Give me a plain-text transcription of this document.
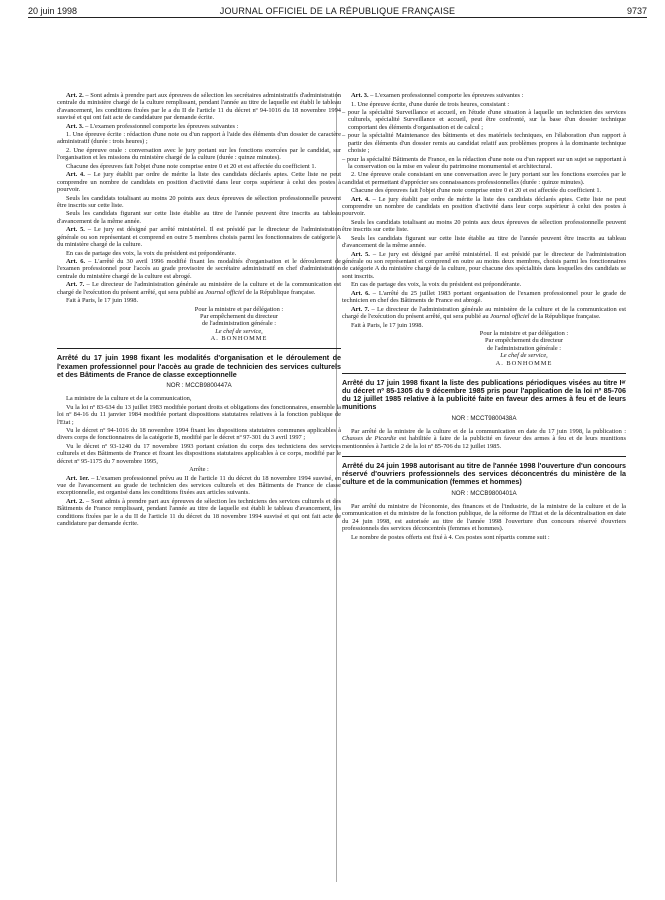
20 juin 1998	JOURNAL OFFICIEL DE LA RÉPUBLIQUE FRANÇAISE	9737

Art. 2. – Sont admis à prendre part aux épreuves de sélection les secrétaires administratifs d'administration centrale du ministère chargé de la culture remplissant, pendant l'année au titre de laquelle est établi le tableau d'avancement, les conditions fixées par le a du II de l'article 11 du décret nº 94-1016 du 18 novembre 1994 susvisé et qui ont fait acte de candidature par demande écrite.

Art. 3. – L'examen professionnel comporte les épreuves suivantes :

1. Une épreuve écrite : rédaction d'une note ou d'un rapport à l'aide des éléments d'un dossier de caractère administratif (durée : trois heures) ;

2. Une épreuve orale : conversation avec le jury portant sur les fonctions exercées par le candidat, sur l'organisation et les missions du ministère chargé de la culture (durée : quinze minutes).

Chacune des épreuves fait l'objet d'une note comprise entre 0 et 20 et est affectée du coefficient 1.

Art. 4. – Le jury établit par ordre de mérite la liste des candidats déclarés aptes. Cette liste ne peut comprendre un nombre de candidats en position d'activité dans leur corps supérieur à celui des postes à pourvoir.

Seuls les candidats totalisant au moins 20 points aux deux épreuves de sélection professionnelle peuvent être inscrits sur cette liste.

Seuls les candidats figurant sur cette liste établie au titre de l'année peuvent être inscrits au tableau d'avancement de la même année.

Art. 5. – Le jury est désigné par arrêté ministériel. Il est présidé par le directeur de l'administration générale ou son représentant et comprend en outre 5 membres choisis parmi les fonctionnaires de catégorie A du ministère chargé de la culture.

En cas de partage des voix, la voix du président est prépondérante.

Art. 6. – L'arrêté du 30 avril 1996 modifié fixant les modalités d'organisation et le déroulement de l'examen professionnel pour l'accès au grade provisoire de secrétaire administratif en chef d'administration centrale du ministère chargé de la culture est abrogé.

Art. 7. – Le directeur de l'administration générale au ministère de la culture et de la communication est chargé de l'exécution du présent arrêté, qui sera publié au Journal officiel de la République française.

Fait à Paris, le 17 juin 1998.

Pour la ministre et par délégation :

Par empêchement du directeur

de l'administration générale :

Le chef de service,

A. BONHOMME

Arrêté du 17 juin 1998 fixant les modalités d'organisation et le déroulement de l'examen professionnel pour l'accès au grade de technicien des services culturels et des Bâtiments de France de classe exceptionnelle
NOR : MCCB9800447A

La ministre de la culture et de la communication,

Vu la loi nº 83-634 du 13 juillet 1983 modifiée portant droits et obligations des fonctionnaires, ensemble la loi nº 84-16 du 11 janvier 1984 modifiée portant dispositions statutaires relatives à la fonction publique de l'Etat ;

Vu le décret nº 94-1016 du 18 novembre 1994 fixant les dispositions statutaires communes applicables à divers corps de fonctionnaires de la catégorie B, modifié par le décret nº 97-301 du 3 avril 1997 ;

Vu le décret nº 93-1240 du 17 novembre 1993 portant création du corps des techniciens des services culturels et des Bâtiments de France et fixant les dispositions statutaires applicables à ce corps, modifié par le décret nº 95-1175 du 7 novembre 1995,

Arrête :

Art. 1er. – L'examen professionnel prévu au II de l'article 11 du décret du 18 novembre 1994 susvisé, en vue de l'avancement au grade de technicien des services culturels et des Bâtiments de France de classe exceptionnelle, est organisé dans les conditions fixées aux articles suivants.

Art. 2. – Sont admis à prendre part aux épreuves de sélection les techniciens des services culturels et des Bâtiments de France remplissant, pendant l'année au titre de laquelle est établi le tableau d'avancement, les conditions fixées par le a du II de l'article 11 du décret du 18 novembre 1994 susvisé et qui ont fait acte de candidature par demande écrite.

Art. 3. – L'examen professionnel comporte les épreuves suivantes :

1. Une épreuve écrite, d'une durée de trois heures, consistant :

– pour la spécialité Surveillance et accueil, en l'étude d'une situation à laquelle un technicien des services culturels, spécialité Surveillance et accueil, peut être confronté, sur la base d'un dossier technique comportant des éléments d'organisation et de calcul ;

– pour la spécialité Maintenance des bâtiments et des matériels techniques, en l'élaboration d'un rapport à partir des éléments d'un dossier remis au candidat relatif aux problèmes propres à la dominante technique choisie ;

– pour la spécialité Bâtiments de France, en la rédaction d'une note ou d'un rapport sur un sujet se rapportant à la conservation ou la mise en valeur du patrimoine monumental et architectural.

2. Une épreuve orale consistant en une conversation avec le jury portant sur les fonctions exercées par le candidat et permettant d'apprécier ses connaissances professionnelles (durée : quinze minutes).

Chacune des épreuves fait l'objet d'une note comprise entre 0 et 20 et est affectée du coefficient 1.

Art. 4. – Le jury établit par ordre de mérite la liste des candidats déclarés aptes. Cette liste ne peut comprendre un nombre de candidats en position d'activité dans leur corps supérieur à celui des postes à pourvoir.

Seuls les candidats totalisant au moins 20 points aux deux épreuves de sélection professionnelle peuvent être inscrits sur cette liste.

Seuls les candidats figurant sur cette liste établie au titre de l'année peuvent être inscrits au tableau d'avancement de la même année.

Art. 5. – Le jury est désigné par arrêté ministériel. Il est présidé par le directeur de l'administration générale ou son représentant et comprend en outre au moins deux membres, choisis parmi les fonctionnaires de catégorie A du ministère chargé de la culture, pour chacune des spécialités dans lesquelles des candidats se sont inscrits.

En cas de partage des voix, la voix du président est prépondérante.

Art. 6. – L'arrêté du 25 juillet 1983 portant organisation de l'examen professionnel pour le grade de technicien en chef des Bâtiments de France est abrogé.

Art. 7. – Le directeur de l'administration générale au ministère de la culture et de la communication est chargé de l'exécution du présent arrêté, qui sera publié au Journal officiel de la République française.

Fait à Paris, le 17 juin 1998.

Pour la ministre et par délégation :

Par empêchement du directeur

de l'administration générale :

Le chef de service,

A. BONHOMME

Arrêté du 17 juin 1998 fixant la liste des publications périodiques visées au titre Iᵉʳ du décret nº 85-1305 du 9 décembre 1985 pris pour l'application de la loi nº 85-706 du 12 juillet 1985 relative à la publicité faite en faveur des armes à feu et de leurs munitions
NOR : MCCT9800438A

Par arrêté de la ministre de la culture et de la communication en date du 17 juin 1998, la publication : Chasses de Picardie est habilitée à faire de la publicité en faveur des armes à feu et de leurs munitions mentionnées à l'article 2 de la loi nº 85-706 du 12 juillet 1985.

Arrêté du 24 juin 1998 autorisant au titre de l'année 1998 l'ouverture d'un concours réservé d'ouvriers professionnels des services déconcentrés du ministère de la culture et de la communication (femmes et hommes)
NOR : MCCB9800401A

Par arrêté du ministre de l'économie, des finances et de l'industrie, de la ministre de la culture et de la communication et du ministre de la fonction publique, de la réforme de l'Etat et de la décentralisation en date du 24 juin 1998, est autorisée au titre de l'année 1998 l'ouverture d'un concours réservé d'ouvriers professionnels des services déconcentrés (femmes et hommes).

Le nombre de postes offerts est fixé à 4. Ces postes sont répartis comme suit :
